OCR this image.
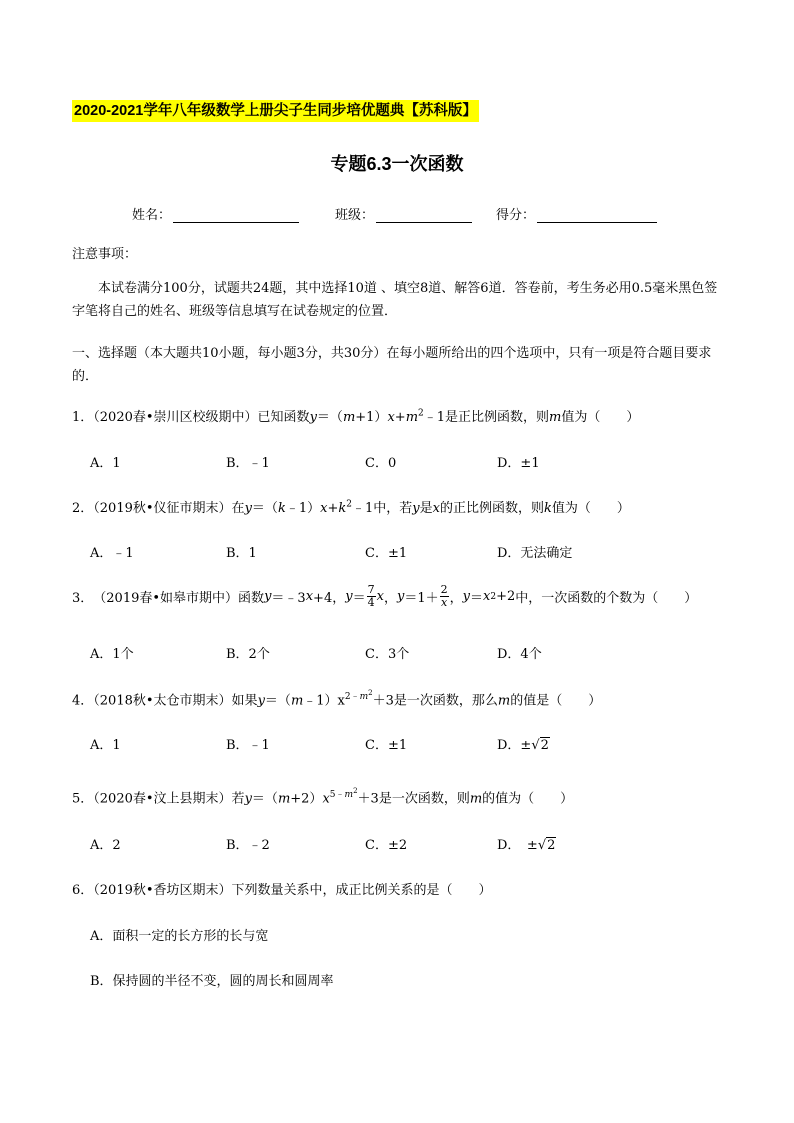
2020-2021学年八年级数学上册尖子生同步培优题典【苏科版】
专题6.3一次函数
姓名：	班级：	得分：
注意事项：
本试卷满分100分，试题共24题，其中选择10道 、填空8道、解答6道．答卷前，考生务必用0.5毫米黑色签字笔将自己的姓名、班级等信息填写在试卷规定的位置．
一、选择题（本大题共10小题，每小题3分，共30分）在每小题所给出的四个选项中，只有一项是符合题目要求的．
1．（2020春•崇川区校级期中）已知函数$y=(m+1)x+m^2﹣1$是正比例函数，则m值为（　　）
A．1	B．﹣1	C．0	D．±1
2．（2019秋•仪征市期末）在$y=(k﹣1)x+k^2﹣1$中，若y是x的正比例函数，则k值为（　　）
A．﹣1	B．1	C．±1	D．无法确定
3． （2019春•如皋市期中） 函数 y ＝﹣3 x +4， $y = \frac{7}{4}$ x ， $y =1+ \frac{2}{x}$ ， y ＝ x 2 +2 中，一次函数的个数为（　　）
A．1个	B．2个	C．3个	D．4个
4．（2018秋•太仓市期末）如果$y=(m﹣1)x^{2﹣m^2}+3$是一次函数，那么m的值是（　　）
A．1	B．﹣1	C．±1	D．±√2
5．（2020春•汶上县期末）若$y=(m+2)x^{5﹣m^2}+3$是一次函数，则m的值为（　　）
A．2	B．﹣2	C．±2	D．　±√2
6．（2019秋•香坊区期末）下列数量关系中，成正比例关系的是（　　）
A．面积一定的长方形的长与宽
B．保持圆的半径不变，圆的周长和圆周率
